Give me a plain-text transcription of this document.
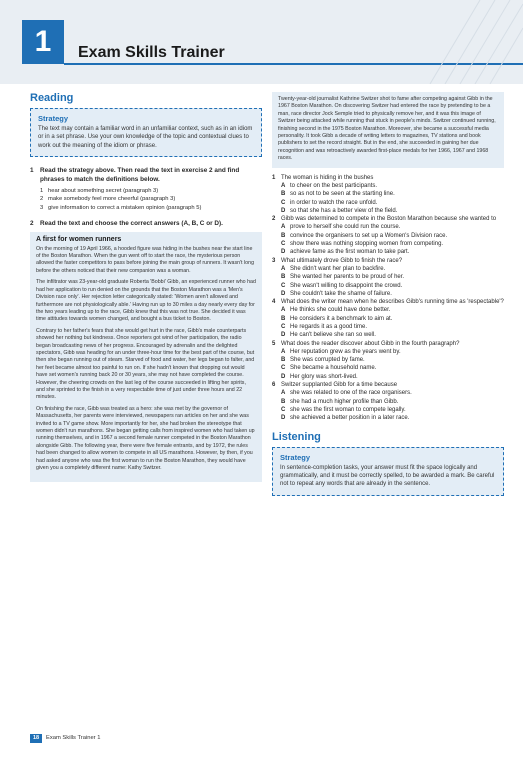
1	Exam Skills Trainer
Reading
Strategy
The text may contain a familiar word in an unfamiliar context, such as in an idiom or in a set phrase. Use your own knowledge of the topic and contextual clues to work out the meaning of the idiom or phrase.
1	Read the strategy above. Then read the text in exercise 2 and find phrases to match the definitions below.
1 hear about something secret (paragraph 3)
2 make somebody feel more cheerful (paragraph 3)
3 give information to correct a mistaken opinion (paragraph 5)
2	Read the text and choose the correct answers (A, B, C or D).
A first for women runners

On the morning of 19 April 1966, a hooded figure was hiding in the bushes near the start line of the Boston Marathon. When the gun went off to start the race, the mysterious person allowed the faster competitors to pass before joining the main group of runners. It wasn't long before the others noticed that their new companion was a woman.

The infiltrator was 23-year-old graduate Roberta 'Bobbi' Gibb, an experienced runner who had had her application to run denied on the grounds that the Boston Marathon was a 'Men's Division race only'. Her rejection letter categorically stated: 'Women aren't allowed and furthermore are not physiologically able.' Having run up to 30 miles a day nearly every day for the two years leading up to the race, Gibb knew that this was not true. She decided it was time attitudes towards women changed, and bought a bus ticket to Boston.

Contrary to her father's fears that she would get hurt in the race, Gibb's male counterparts showed her nothing but kindness. Once reporters got wind of her participation, the radio began broadcasting news of her progress. Encouraged by adrenalin and the delighted spectators, Gibb was heading for an under three-hour time for the best part of the course, but then she began running out of steam. Starved of food and water, her legs began to falter, and her feet became almost too painful to run on. If she hadn't known that dropping out would have set women's running back 20 or 30 years, she may not have completed the course. However, the cheering crowds on the last leg of the course succeeded in lifting her spirits, and she sprinted to the finish in a very respectable time of just under three hours and 22 minutes.

On finishing the race, Gibb was treated as a hero: she was met by the governor of Massachusetts, her parents were interviewed, newspapers ran articles on her and she was invited to a TV game show. More importantly for her, she had broken the stereotype that women didn't run marathons. She began getting calls from inspired women who had taken up running themselves, and in 1967 a second female runner competed in the Boston Marathon alongside Gibb. The following year, there were five female entrants, and by 1972, the rules had been changed to allow women to compete in all US marathons. However, by then, if you had asked anyone who was the first woman to run the Boston Marathon, they would have given you a completely different name: Kathy Switzer.

Twenty-year-old journalist Kathrine Switzer shot to fame after competing against Gibb in the 1967 Boston Marathon. On discovering Switzer had entered the race by pretending to be a man, race director Jock Semple tried to physically remove her, and it was this image of Switzer being attacked while running that stuck in people's minds. Switzer continued running, finishing second in the 1975 Boston Marathon. Moreover, she became a successful media personality. It took Gibb a decade of writing letters to magazines, TV stations and book publishers to set the record straight. But in the end, she succeeded in gaining her due recognition and was retroactively awarded first-place medals for her 1966, 1967 and 1968 races.

1 The woman is hiding in the bushes
A to cheer on the best participants.
B so as not to be seen at the starting line.
C in order to watch the race unfold.
D so that she has a better view of the field.
2 Gibb was determined to compete in the Boston Marathon because she wanted to
A prove to herself she could run the course.
B convince the organisers to set up a Women's Division race.
C show there was nothing stopping women from competing.
D achieve fame as the first woman to take part.
3 What ultimately drove Gibb to finish the race?
A She didn't want her plan to backfire.
B She wanted her parents to be proud of her.
C She wasn't willing to disappoint the crowd.
D She couldn't take the shame of failure.
4 What does the writer mean when he describes Gibb's running time as 'respectable'?
A He thinks she could have done better.
B He considers it a benchmark to aim at.
C He regards it as a good time.
D He can't believe she ran so well.
5 What does the reader discover about Gibb in the fourth paragraph?
A Her reputation grew as the years went by.
B She was corrupted by fame.
C She became a household name.
D Her glory was short-lived.
6 Switzer supplanted Gibb for a time because
A she was related to one of the race organisers.
B she had a much higher profile than Gibb.
C she was the first woman to compete legally.
D she achieved a better position in a later race.
Listening
Strategy
In sentence-completion tasks, your answer must fit the space logically and grammatically, and it must be correctly spelled, to be awarded a mark. Be careful not to repeat any words that are already in the sentence.
18	Exam Skills Trainer 1
